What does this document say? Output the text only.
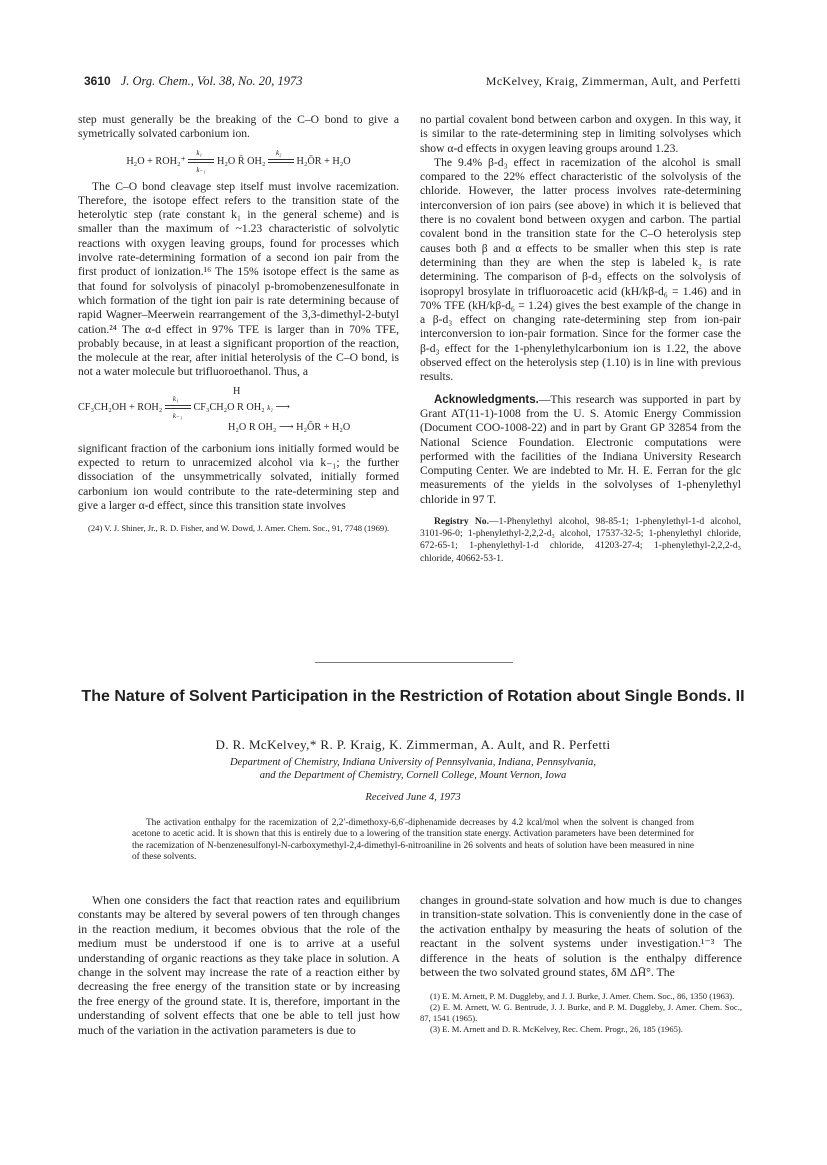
3610 J. Org. Chem., Vol. 38, No. 20, 1973	McKelvey, Kraig, Zimmerman, Ault, and Perfetti

step must generally be the breaking of the C–O bond to give a symetrically solvated carbonium ion.

H₂O + ROH₂⁺
k₁
k₋₁
H₂O R̄ OH₂
k₂
H₂ŌR + H₂O

The C–O bond cleavage step itself must involve racemization. Therefore, the isotope effect refers to the transition state of the heterolytic step (rate constant k₁ in the general scheme) and is smaller than the maximum of ~1.23 characteristic of solvolytic reactions with oxygen leaving groups, found for processes which involve rate-determining formation of a second ion pair from the first product of ionization.¹⁶ The 15% isotope effect is the same as that found for solvolysis of pinacolyl p-bromobenzenesulfonate in which formation of the tight ion pair is rate determining because of rapid Wagner–Meerwein rearrangement of the 3,3-dimethyl-2-butyl cation.²⁴ The α-d effect in 97% TFE is larger than in 70% TFE, probably because, in at least a significant proportion of the reaction, the molecule at the rear, after initial heterolysis of the C–O bond, is not a water molecule but trifluoroethanol. Thus, a

H
CF₃CH₂OH + ROH₂
k₁
k₋₁
CF₃CH₂O R OH₂ k₂ ⟶
H₂O R OH₂ ⟶ H₂ŌR + H₂O

significant fraction of the carbonium ions initially formed would be expected to return to unracemized alcohol via k₋₁; the further dissociation of the unsymmetrically solvated, initially formed carbonium ion would contribute to the rate-determining step and give a larger α-d effect, since this transition state involves

(24) V. J. Shiner, Jr., R. D. Fisher, and W. Dowd, J. Amer. Chem. Soc., 91, 7748 (1969).

no partial covalent bond between carbon and oxygen. In this way, it is similar to the rate-determining step in limiting solvolyses which show α-d effects in oxygen leaving groups around 1.23.

The 9.4% β-d₃ effect in racemization of the alcohol is small compared to the 22% effect characteristic of the solvolysis of the chloride. However, the latter process involves rate-determining interconversion of ion pairs (see above) in which it is believed that there is no covalent bond between oxygen and carbon. The partial covalent bond in the transition state for the C–O heterolysis step causes both β and α effects to be smaller when this step is rate determining than they are when the step is labeled k₂ is rate determining. The comparison of β-d₃ effects on the solvolysis of isopropyl brosylate in trifluoroacetic acid (kH/kβ-d₆ = 1.46) and in 70% TFE (kH/kβ-d₆ = 1.24) gives the best example of the change in a β-d₃ effect on changing rate-determining step from ion-pair interconversion to ion-pair formation. Since for the former case the β-d₃ effect for the 1-phenylethylcarbonium ion is 1.22, the above observed effect on the heterolysis step (1.10) is in line with previous results.

Acknowledgments.—This research was supported in part by Grant AT(11-1)-1008 from the U. S. Atomic Energy Commission (Document COO-1008-22) and in part by Grant GP 32854 from the National Science Foundation. Electronic computations were performed with the facilities of the Indiana University Research Computing Center. We are indebted to Mr. H. E. Ferran for the glc measurements of the yields in the solvolyses of 1-phenylethyl chloride in 97 T.

Registry No.—1-Phenylethyl alcohol, 98-85-1; 1-phenylethyl-1-d alcohol, 3101-96-0; 1-phenylethyl-2,2,2-d₃ alcohol, 17537-32-5; 1-phenylethyl chloride, 672-65-1; 1-phenylethyl-1-d chloride, 41203-27-4; 1-phenylethyl-2,2,2-d₃ chloride, 40662-53-1.

The Nature of Solvent Participation in the Restriction of Rotation about Single Bonds. II
D. R. McKelvey,* R. P. Kraig, K. Zimmerman, A. Ault, and R. Perfetti
Department of Chemistry, Indiana University of Pennsylvania, Indiana, Pennsylvania,
and the Department of Chemistry, Cornell College, Mount Vernon, Iowa
Received June 4, 1973

The activation enthalpy for the racemization of 2,2′-dimethoxy-6,6′-diphenamide decreases by 4.2 kcal/mol when the solvent is changed from acetone to acetic acid. It is shown that this is entirely due to a lowering of the transition state energy. Activation parameters have been determined for the racemization of N-benzenesulfonyl-N-carboxymethyl-2,4-dimethyl-6-nitroaniline in 26 solvents and heats of solution have been measured in nine of these solvents.

When one considers the fact that reaction rates and equilibrium constants may be altered by several powers of ten through changes in the reaction medium, it becomes obvious that the role of the medium must be understood if one is to arrive at a useful understanding of organic reactions as they take place in solution. A change in the solvent may increase the rate of a reaction either by decreasing the free energy of the transition state or by increasing the free energy of the ground state. It is, therefore, important in the understanding of solvent effects that one be able to tell just how much of the variation in the activation parameters is due to

changes in ground-state solvation and how much is due to changes in transition-state solvation. This is conveniently done in the case of the activation enthalpy by measuring the heats of solution of the reactant in the solvent systems under investigation.¹⁻³ The difference in the heats of solution is the enthalpy difference between the two solvated ground states, δM ΔH̄°. The

(1) E. M. Arnett, P. M. Duggleby, and J. J. Burke, J. Amer. Chem. Soc., 86, 1350 (1963).

(2) E. M. Arnett, W. G. Bentrude, J. J. Burke, and P. M. Duggleby, J. Amer. Chem. Soc., 87, 1541 (1965).

(3) E. M. Arnett and D. R. McKelvey, Rec. Chem. Progr., 26, 185 (1965).
